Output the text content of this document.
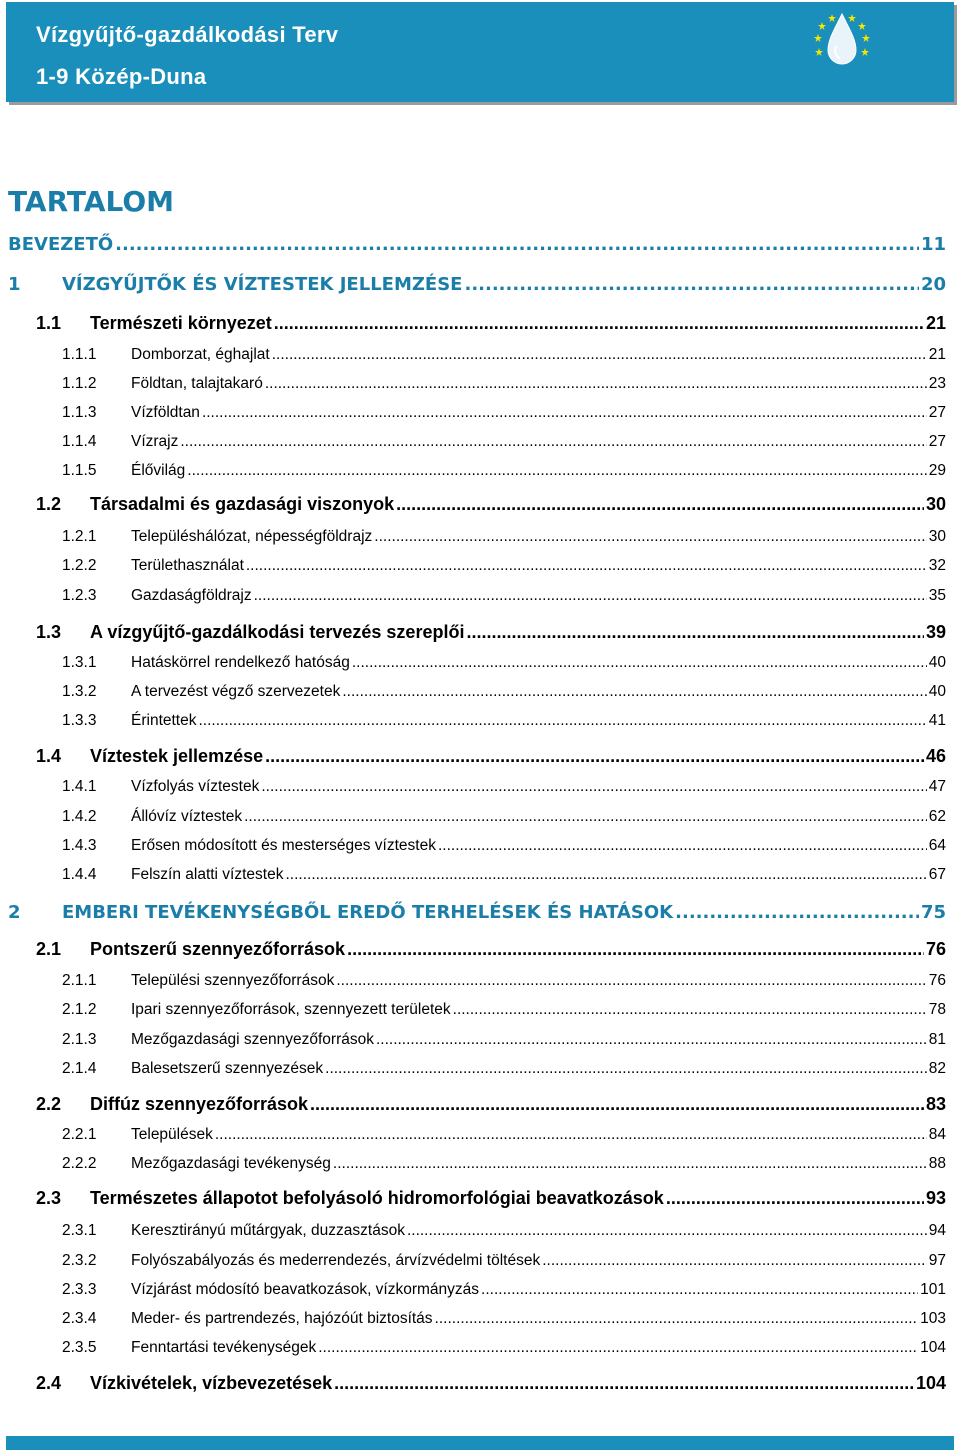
Vízgyűjtő-gazdálkodási Terv
1-9 Közép-Duna
TARTALOM
BEVEZETŐ .....	11
1 VÍZGYŰJTŐK ÉS VÍZTESTEK JELLEMZÉSE .....	20
1.1 Természeti környezet .....	21
1.1.1 Domborzat, éghajlat .....	21
1.1.2 Földtan, talajtakaró .....	23
1.1.3 Vízföldtan .....	27
1.1.4 Vízrajz .....	27
1.1.5 Élővilág .....	29
1.2 Társadalmi és gazdasági viszonyok .....	30
1.2.1 Településhálózat, népességföldrajz .....	30
1.2.2 Területhasználat .....	32
1.2.3 Gazdaságföldrajz .....	35
1.3 A vízgyűjtő-gazdálkodási tervezés szereplői .....	39
1.3.1 Hatáskörrel rendelkező hatóság .....	40
1.3.2 A tervezést végző szervezetek .....	40
1.3.3 Érintettek .....	41
1.4 Víztestek jellemzése .....	46
1.4.1 Vízfolyás víztestek .....	47
1.4.2 Állóvíz víztestek .....	62
1.4.3 Erősen módosított és mesterséges víztestek .....	64
1.4.4 Felszín alatti víztestek .....	67
2 EMBERI TEVÉKENYSÉGBŐL EREDŐ TERHELÉSEK ÉS HATÁSOK .....	75
2.1 Pontszerű szennyezőforrások .....	76
2.1.1 Települési szennyezőforrások .....	76
2.1.2 Ipari szennyezőforrások, szennyezett területek .....	78
2.1.3 Mezőgazdasági szennyezőforrások .....	81
2.1.4 Balesetszerű szennyezések .....	82
2.2 Diffúz szennyezőforrások .....	83
2.2.1 Települések .....	84
2.2.2 Mezőgazdasági tevékenység .....	88
2.3 Természetes állapotot befolyásoló hidromorfológiai beavatkozások .....	93
2.3.1 Keresztirányú műtárgyak, duzzasztások .....	94
2.3.2 Folyószabályozás és mederrendezés, árvízvédelmi töltések .....	97
2.3.3 Vízjárást módosító beavatkozások, vízkormányzás .....	101
2.3.4 Meder- és partrendezés, hajózóút biztosítás .....	103
2.3.5 Fenntartási tevékenységek .....	104
2.4 Vízkivételek, vízbevezetések .....	104
